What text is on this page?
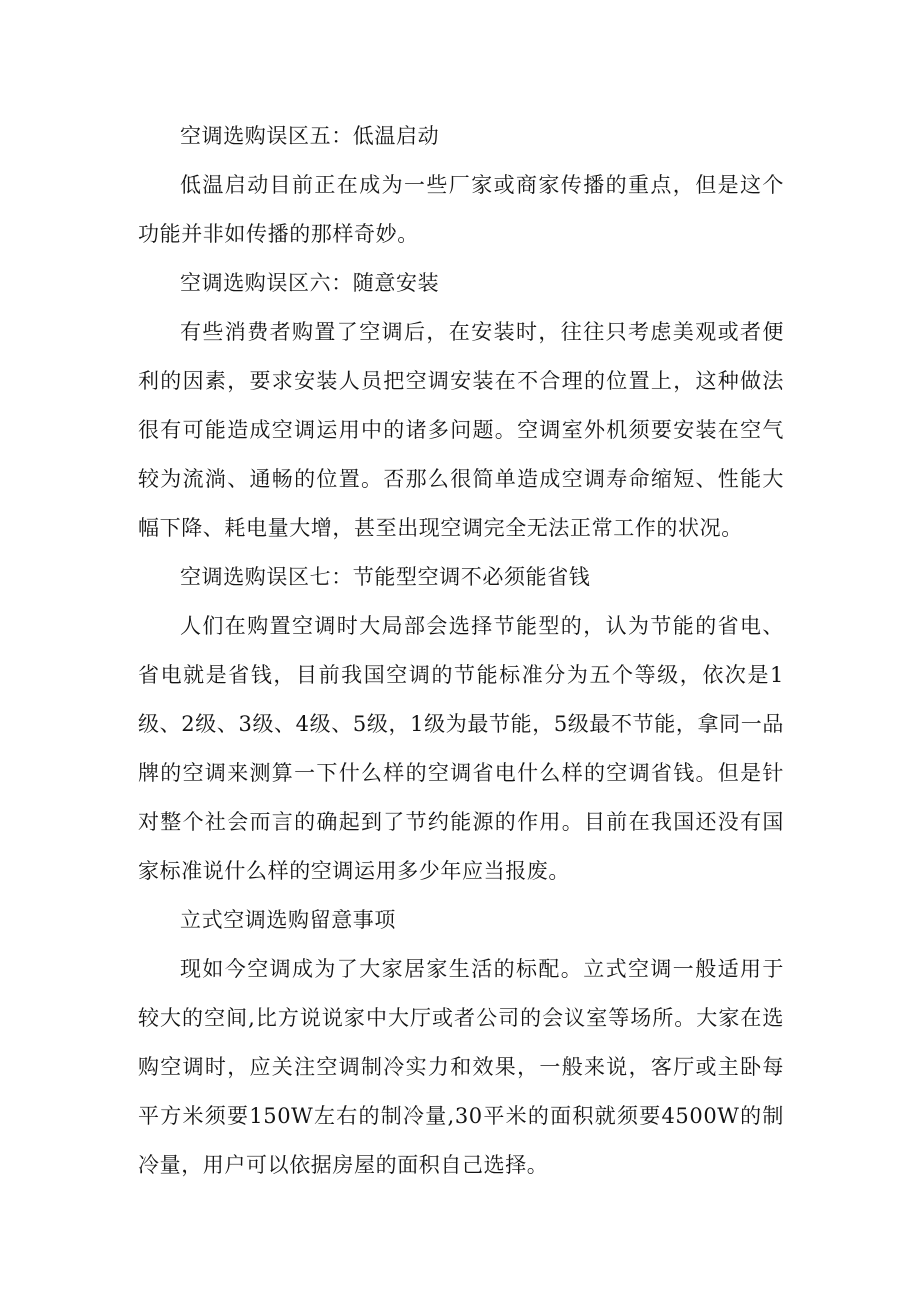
空调选购误区五：低温启动

低温启动目前正在成为一些厂家或商家传播的重点，但是这个功能并非如传播的那样奇妙。

空调选购误区六：随意安装

有些消费者购置了空调后，在安装时，往往只考虑美观或者便利的因素，要求安装人员把空调安装在不合理的位置上，这种做法很有可能造成空调运用中的诸多问题。空调室外机须要安装在空气较为流淌、通畅的位置。否那么很简单造成空调寿命缩短、性能大幅下降、耗电量大增，甚至出现空调完全无法正常工作的状况。

空调选购误区七：节能型空调不必须能省钱

人们在购置空调时大局部会选择节能型的，认为节能的省电、省电就是省钱，目前我国空调的节能标准分为五个等级，依次是1级、2级、3级、4级、5级，1级为最节能，5级最不节能，拿同一品牌的空调来测算一下什么样的空调省电什么样的空调省钱。但是针对整个社会而言的确起到了节约能源的作用。目前在我国还没有国家标准说什么样的空调运用多少年应当报废。

立式空调选购留意事项

现如今空调成为了大家居家生活的标配。立式空调一般适用于较大的空间,比方说说家中大厅或者公司的会议室等场所。大家在选购空调时，应关注空调制冷实力和效果，一般来说，客厅或主卧每平方米须要150W左右的制冷量,30平米的面积就须要4500W的制冷量，用户可以依据房屋的面积自己选择。
